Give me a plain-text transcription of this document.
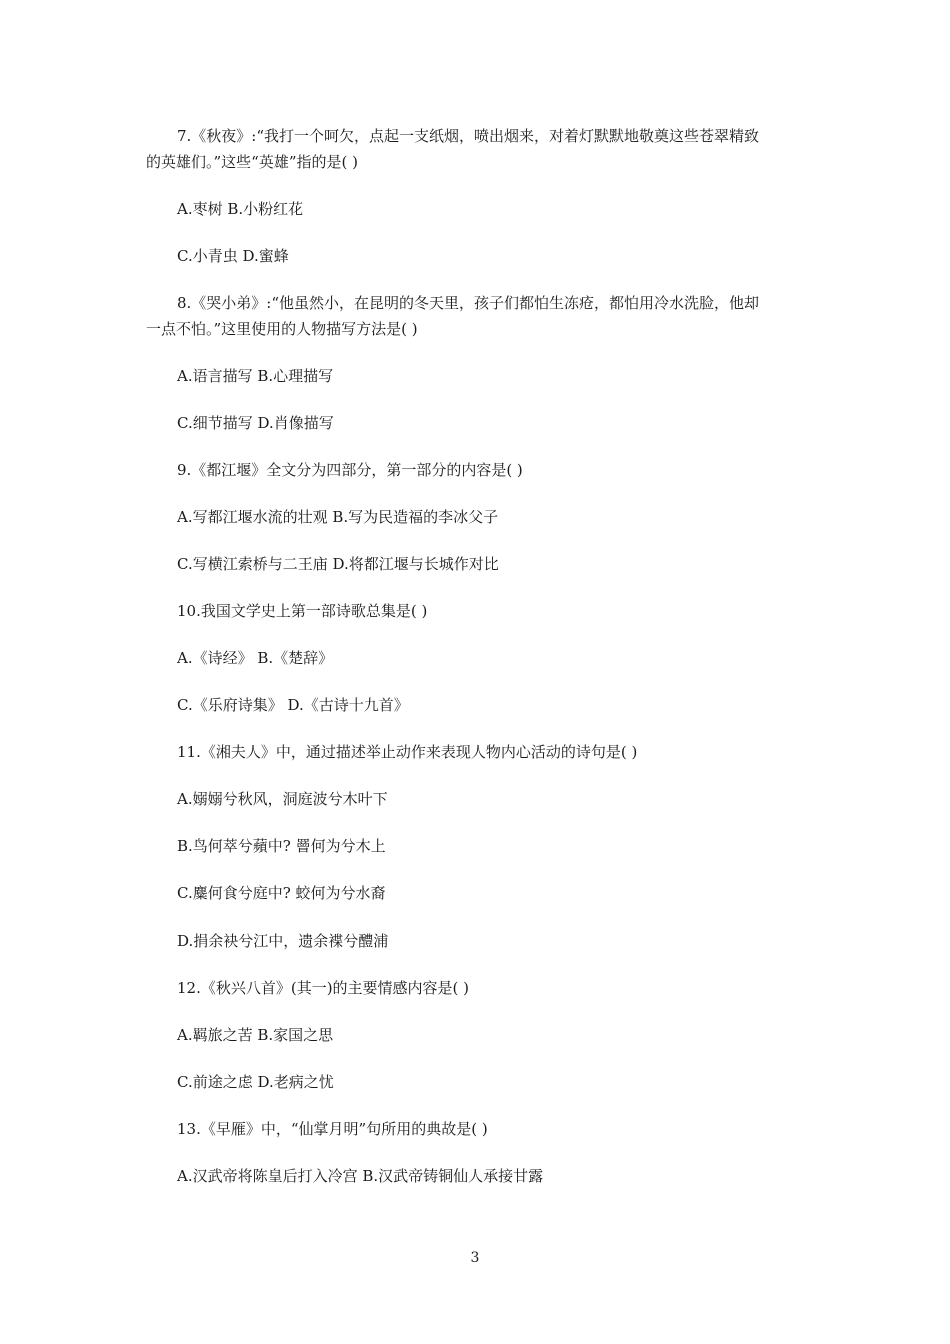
7.《秋夜》:“我打一个呵欠，点起一支纸烟，喷出烟来，对着灯默默地敬奠这些苍翠精致
的英雄们。”这些“英雄”指的是( )
A.枣树 B.小粉红花
C.小青虫 D.蜜蜂
8.《哭小弟》:“他虽然小，在昆明的冬天里，孩子们都怕生冻疮，都怕用冷水洗脸，他却
一点不怕。”这里使用的人物描写方法是( )
A.语言描写 B.心理描写
C.细节描写 D.肖像描写
9.《都江堰》全文分为四部分，第一部分的内容是( )
A.写都江堰水流的壮观 B.写为民造福的李冰父子
C.写横江索桥与二王庙 D.将都江堰与长城作对比
10.我国文学史上第一部诗歌总集是( )
A.《诗经》 B.《楚辞》
C.《乐府诗集》 D.《古诗十九首》
11.《湘夫人》中，通过描述举止动作来表现人物内心活动的诗句是( )
A.嫋嫋兮秋风，洞庭波兮木叶下
B.鸟何萃兮蘋中? 罾何为兮木上
C.麋何食兮庭中? 蛟何为兮水裔
D.捐余袂兮江中，遗余褋兮醴浦
12.《秋兴八首》(其一)的主要情感内容是( )
A.羁旅之苦 B.家国之思
C.前途之虑 D.老病之忧
13.《早雁》中，“仙掌月明”句所用的典故是( )
A.汉武帝将陈皇后打入冷宫 B.汉武帝铸铜仙人承接甘露
3
